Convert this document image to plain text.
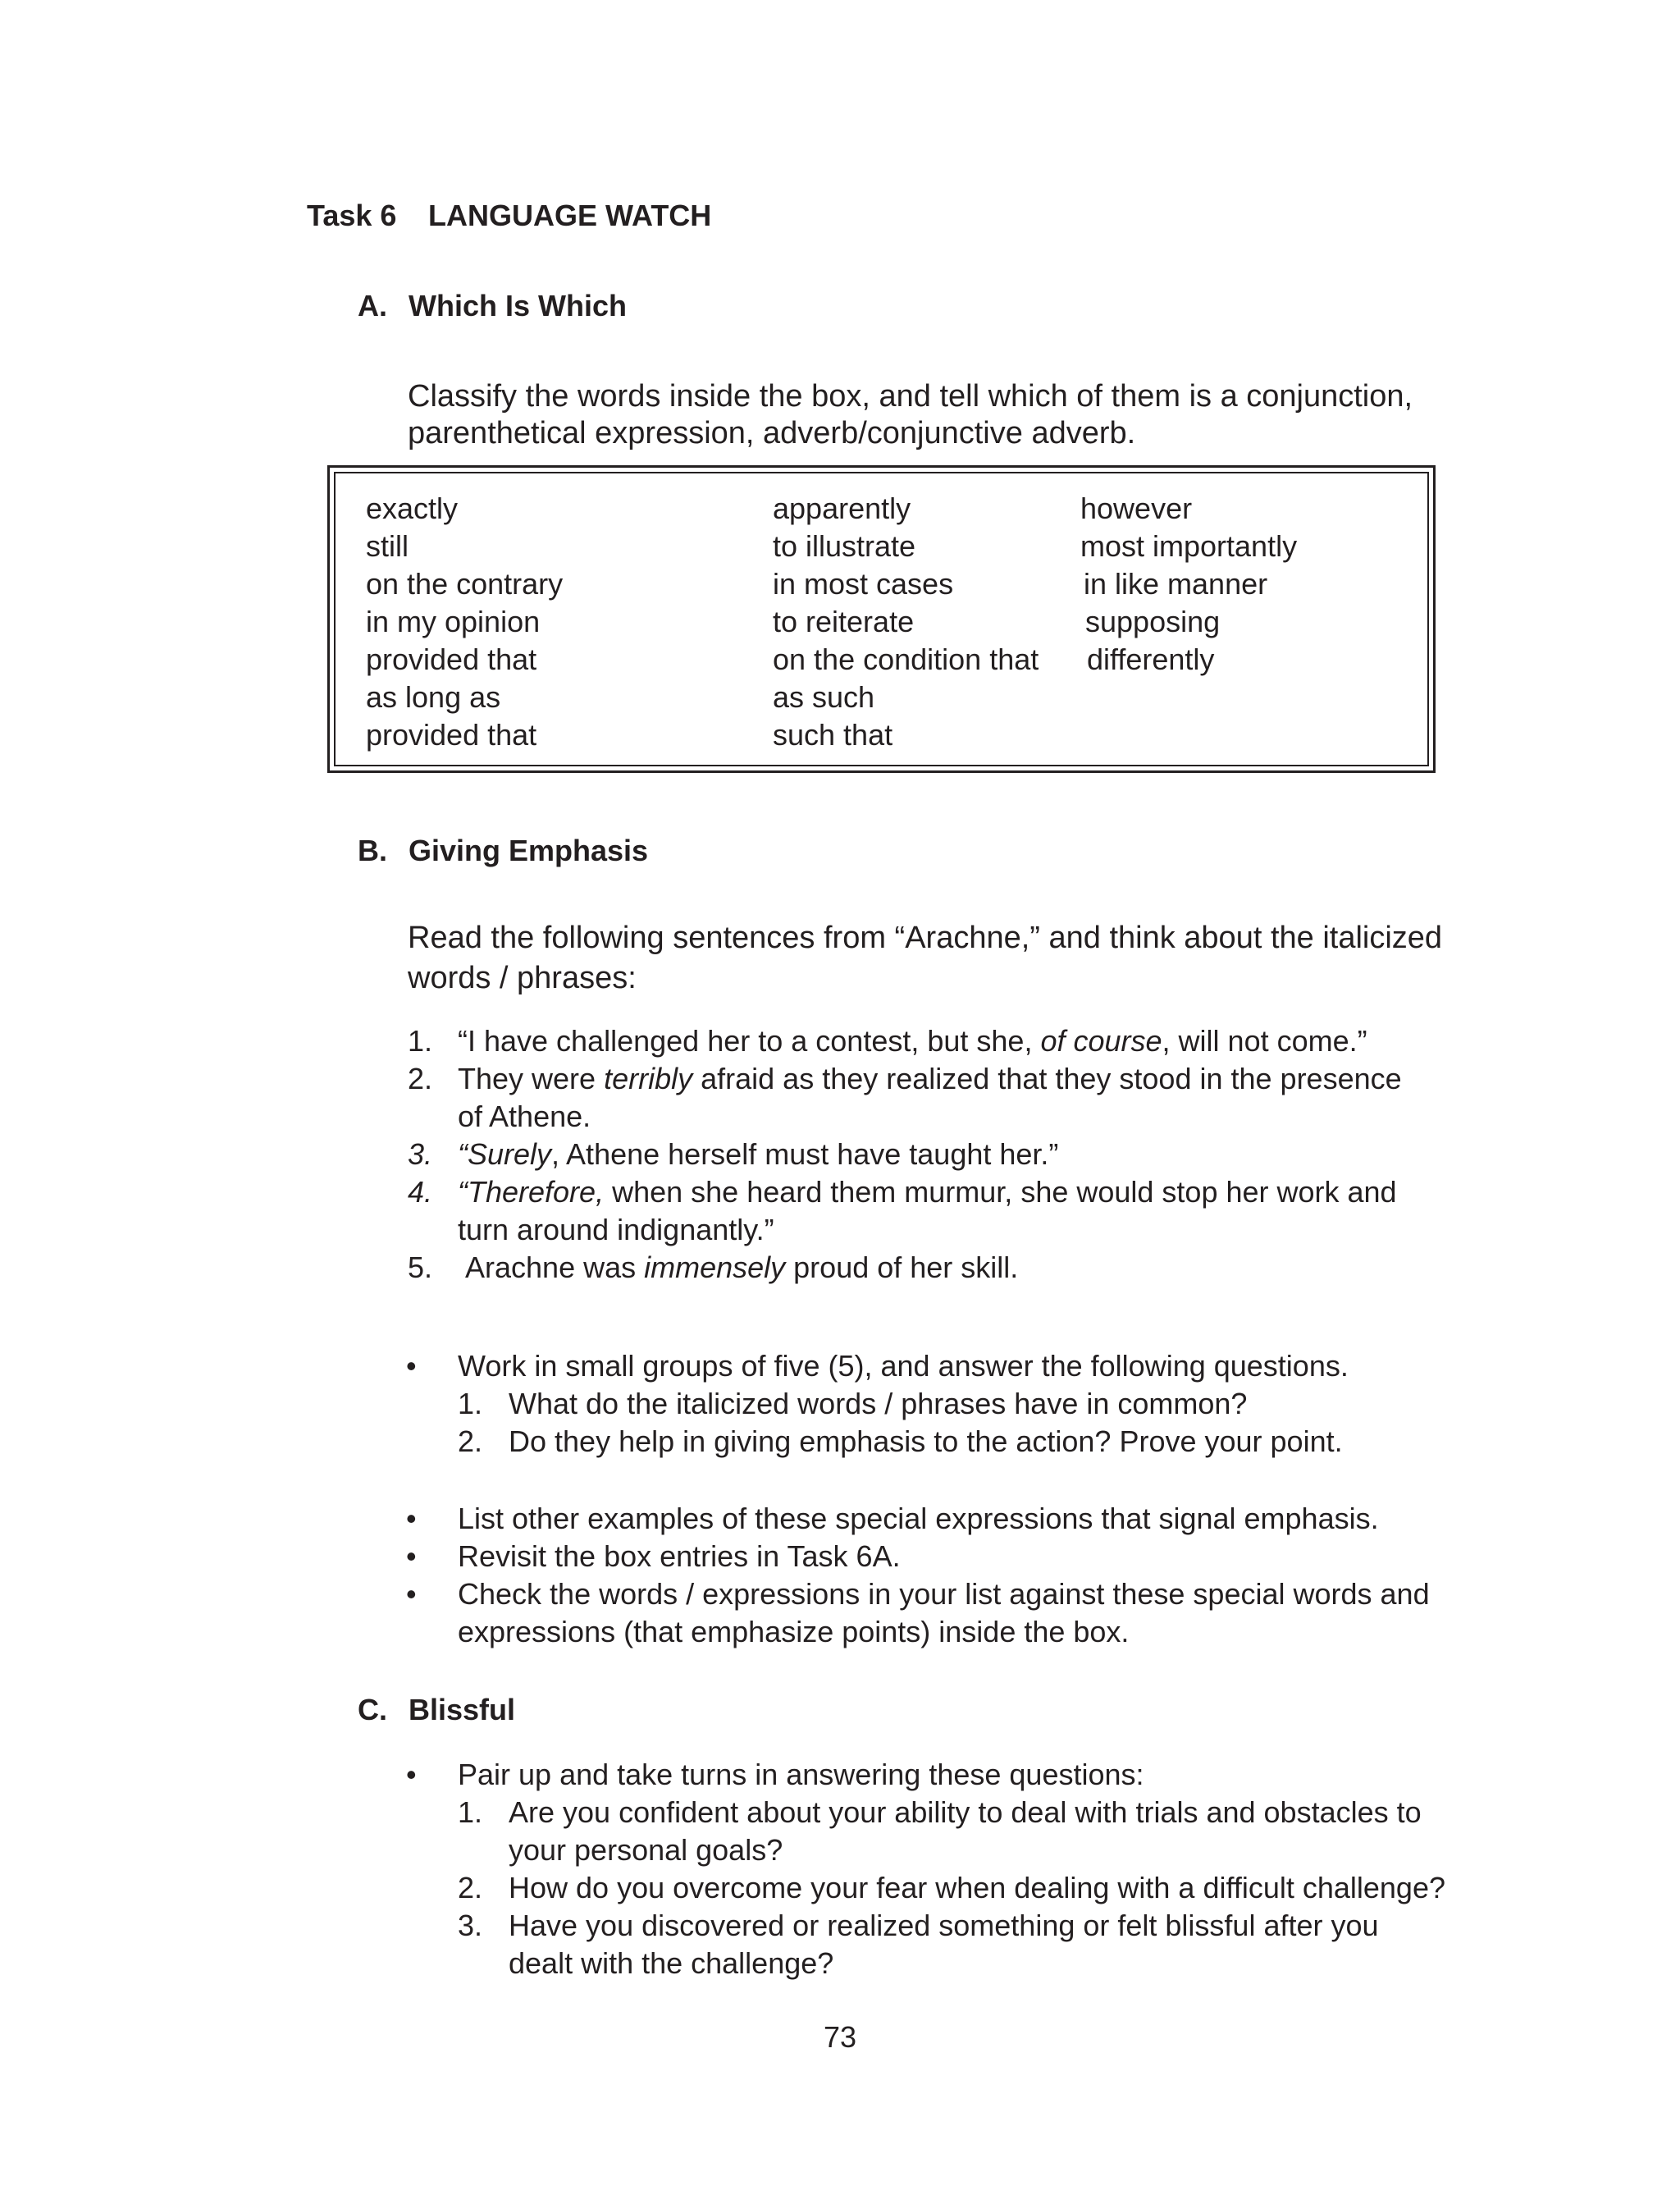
Task 6 LANGUAGE WATCH
A. Which Is Which
Classify the words inside the box, and tell which of them is a conjunction,
parenthetical expression, adverb/conjunctive adverb.
exactly
still
on the contrary
in my opinion
provided that
as long as
provided that
apparently
to illustrate
in most cases
to reiterate
on the condition that
as such
such that
however
most importantly
in like manner
supposing
differently
B. Giving Emphasis
Read the following sentences from “Arachne,” and think about the italicized
words / phrases:
1. “I have challenged her to a contest, but she, of course, will not come.”
2. They were terribly afraid as they realized that they stood in the presence
of Athene.
3. “Surely, Athene herself must have taught her.”
4. “Therefore, when she heard them murmur, she would stop her work and
turn around indignantly.”
5. Arachne was immensely proud of her skill.
• Work in small groups of five (5), and answer the following questions.
1. What do the italicized words / phrases have in common?
2. Do they help in giving emphasis to the action? Prove your point.
• List other examples of these special expressions that signal emphasis.
• Revisit the box entries in Task 6A.
• Check the words / expressions in your list against these special words and
expressions (that emphasize points) inside the box.
C. Blissful
• Pair up and take turns in answering these questions:
1. Are you confident about your ability to deal with trials and obstacles to
your personal goals?
2. How do you overcome your fear when dealing with a difficult challenge?
3. Have you discovered or realized something or felt blissful after you
dealt with the challenge?
73
